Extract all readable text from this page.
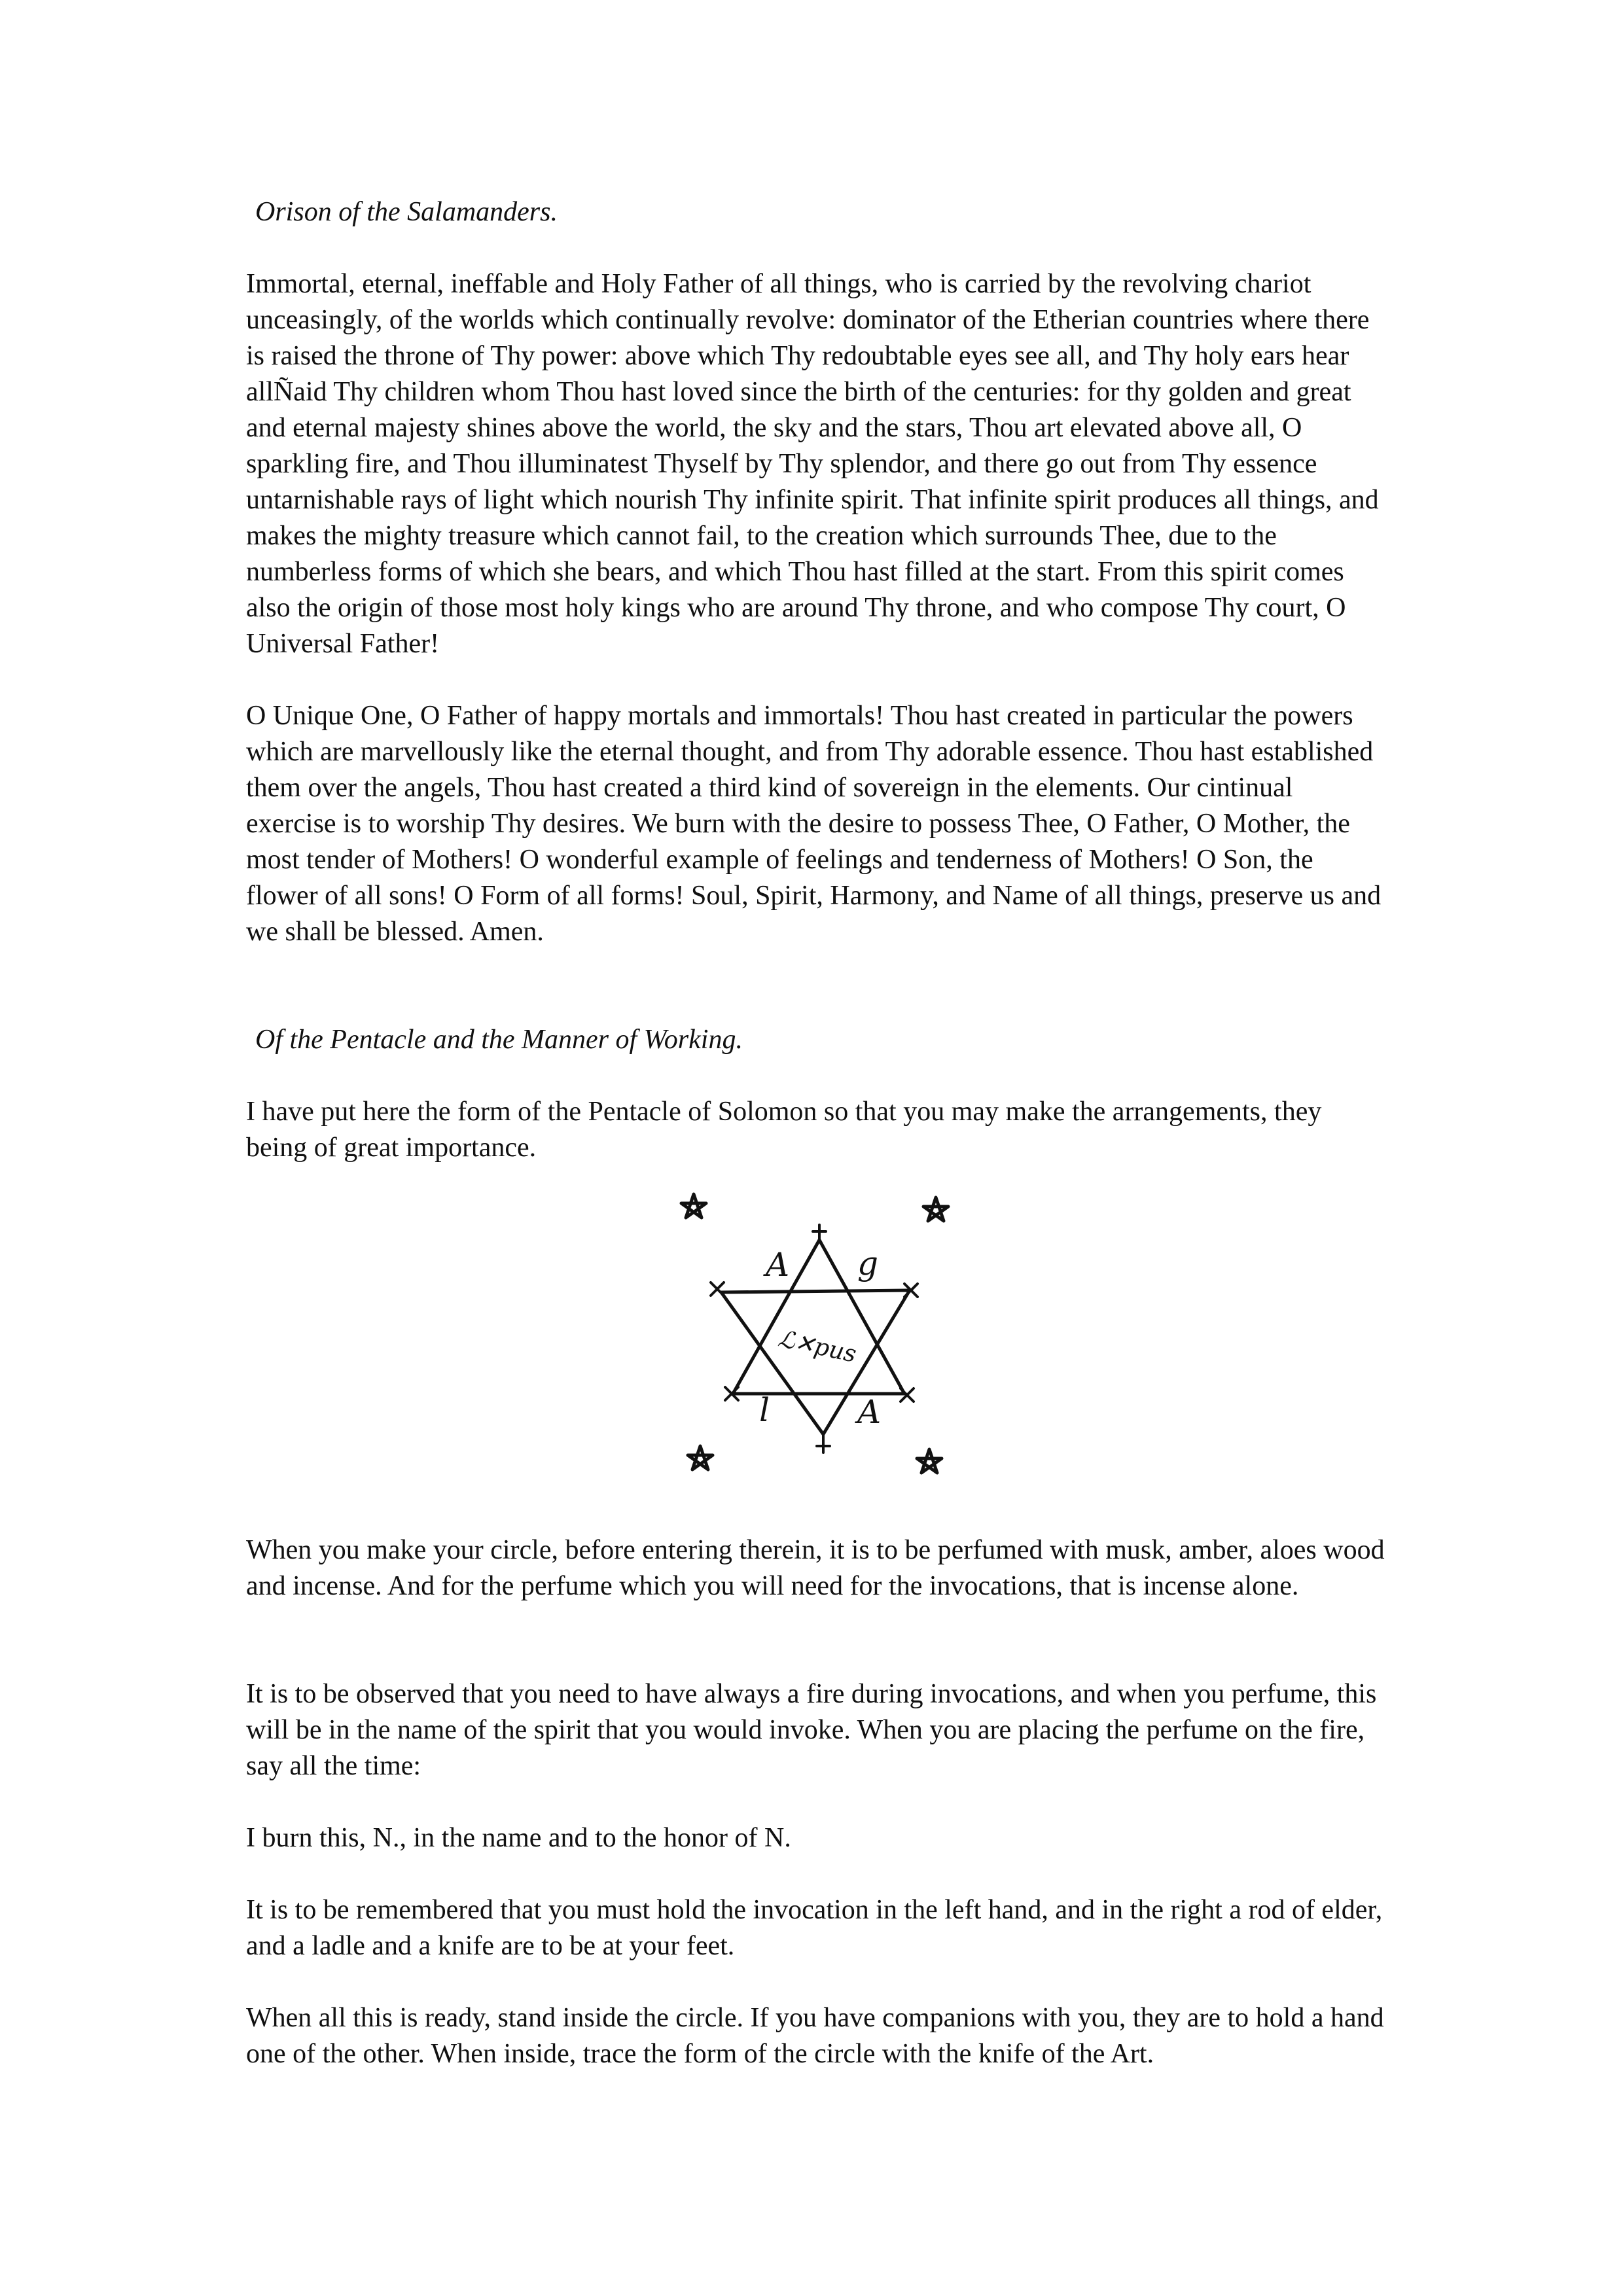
Orison of the Salamanders.

Immortal, eternal, ineffable and Holy Father of all things, who is carried by the revolving chariot unceasingly, of the worlds which continually revolve: dominator of the Etherian countries where there is raised the throne of Thy power: above which Thy redoubtable eyes see all, and Thy holy ears hear allÑaid Thy children whom Thou hast loved since the birth of the centuries: for thy golden and great and eternal majesty shines above the world, the sky and the stars, Thou art elevated above all, O sparkling fire, and Thou illuminatest Thyself by Thy splendor, and there go out from Thy essence untarnishable rays of light which nourish Thy infinite spirit. That infinite spirit produces all things, and makes the mighty treasure which cannot fail, to the creation which surrounds Thee, due to the numberless forms of which she bears, and which Thou hast filled at the start. From this spirit comes also the origin of those most holy kings who are around Thy throne, and who compose Thy court, O Universal Father!

O Unique One, O Father of happy mortals and immortals! Thou hast created in particular the powers which are marvellously like the eternal thought, and from Thy adorable essence. Thou hast established them over the angels, Thou hast created a third kind of sovereign in the elements. Our cintinual exercise is to worship Thy desires. We burn with the desire to possess Thee, O Father, O Mother, the most tender of Mothers! O wonderful example of feelings and tenderness of Mothers! O Son, the flower of all sons! O Form of all forms! Soul, Spirit, Harmony, and Name of all things, preserve us and we shall be blessed. Amen.

Of the Pentacle and the Manner of Working.

I have put here the form of the Pentacle of Solomon so that you may make the arrangements, they being of great importance.

A g
l	A
ℒ✕pus

When you make your circle, before entering therein, it is to be perfumed with musk, amber, aloes wood and incense. And for the perfume which you will need for the invocations, that is incense alone.

It is to be observed that you need to have always a fire during invocations, and when you perfume, this will be in the name of the spirit that you would invoke. When you are placing the perfume on the fire, say all the time:

I burn this, N., in the name and to the honor of N.

It is to be remembered that you must hold the invocation in the left hand, and in the right a rod of elder, and a ladle and a knife are to be at your feet.

When all this is ready, stand inside the circle. If you have companions with you, they are to hold a hand one of the other. When inside, trace the form of the circle with the knife of the Art.
